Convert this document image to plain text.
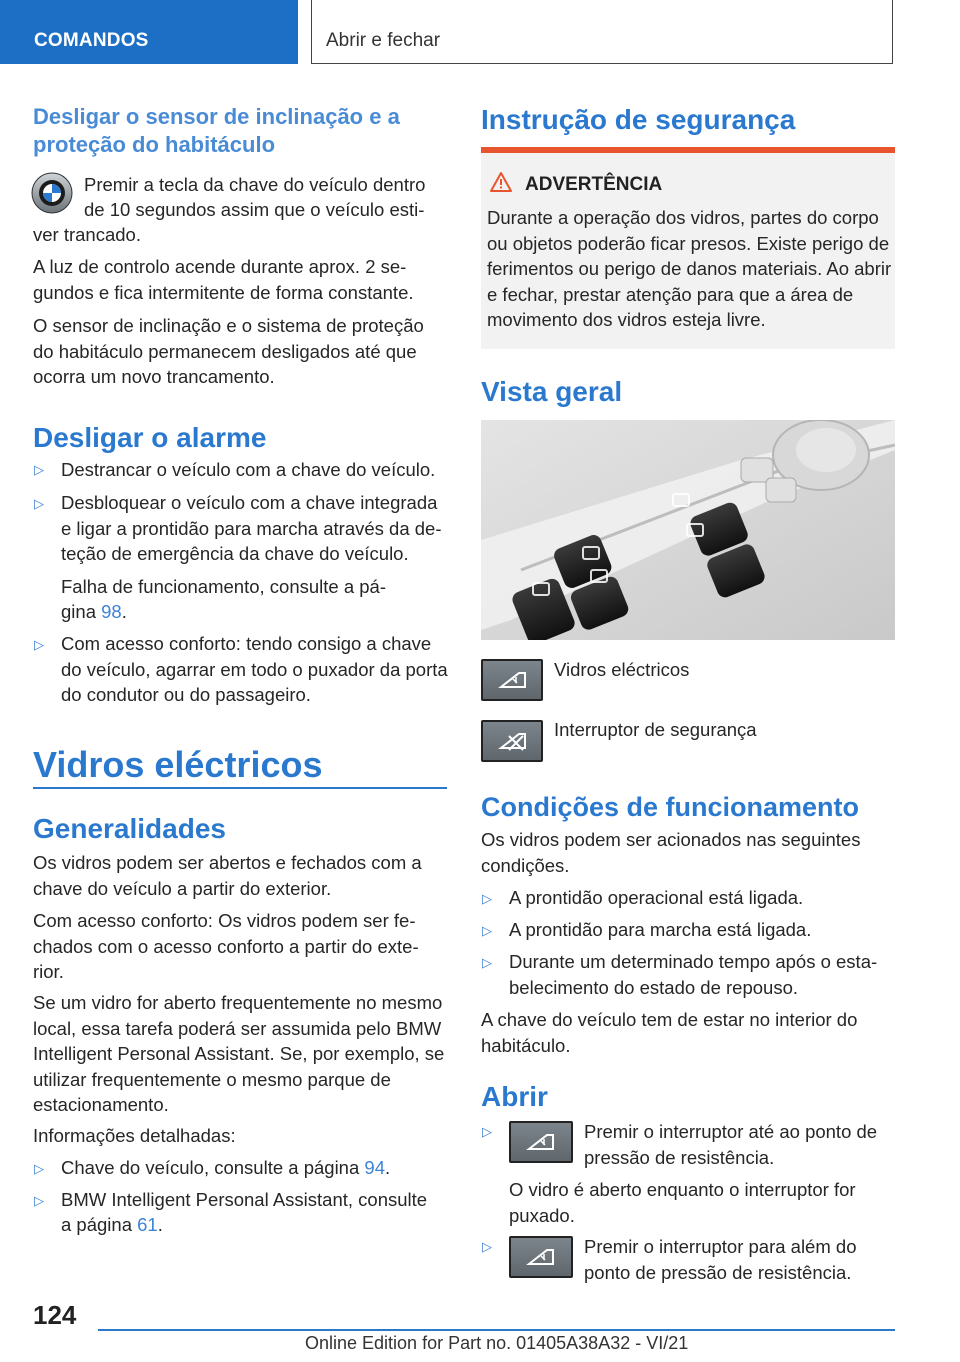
COMANDOS	Abrir e fechar
Desligar o sensor de inclinação e a proteção do habitáculo
Premir a tecla da chave do veículo dentro
de 10 segundos assim que o veículo esti-
ver trancado.
A luz de controlo acende durante aprox. 2 se-gundos e fica intermitente de forma constante.
O sensor de inclinação e o sistema de proteção do habitáculo permanecem desligados até que ocorra um novo trancamento.
Desligar o alarme
▷ Destrancar o veículo com a chave do veículo.
▷ Desbloquear o veículo com a chave integrada e ligar a prontidão para marcha através da de-teção de emergência da chave do veículo.
Falha de funcionamento, consulte a pá-
gina 98.
▷ Com acesso conforto: tendo consigo a chave do veículo, agarrar em todo o puxador da porta do condutor ou do passageiro.
Vidros eléctricos
Generalidades
Os vidros podem ser abertos e fechados com a chave do veículo a partir do exterior.
Com acesso conforto: Os vidros podem ser fe-chados com o acesso conforto a partir do exte-rior.
Se um vidro for aberto frequentemente no mesmo local, essa tarefa poderá ser assumida pelo BMW Intelligent Personal Assistant. Se, por exemplo, se utilizar frequentemente o mesmo parque de estacionamento.
Informações detalhadas:
▷ Chave do veículo, consulte a página 94.
▷ BMW Intelligent Personal Assistant, consulte
a página 61.
Instrução de segurança
ADVERTÊNCIA
Durante a operação dos vidros, partes do corpo ou objetos poderão ficar presos. Existe perigo de ferimentos ou perigo de danos materiais. Ao abrir e fechar, prestar atenção para que a área de movimento dos vidros esteja livre.
Vista geral
Vidros eléctricos
Interruptor de segurança
Condições de funcionamento
Os vidros podem ser acionados nas seguintes condições.
▷ A prontidão operacional está ligada.
▷ A prontidão para marcha está ligada.
▷ Durante um determinado tempo após o esta-belecimento do estado de repouso.
A chave do veículo tem de estar no interior do habitáculo.
Abrir
▷	Premir o interruptor até ao ponto de pressão de resistência.
O vidro é aberto enquanto o interruptor for puxado.
▷	Premir o interruptor para além do ponto de pressão de resistência.
124
Online Edition for Part no. 01405A38A32 - VI/21
